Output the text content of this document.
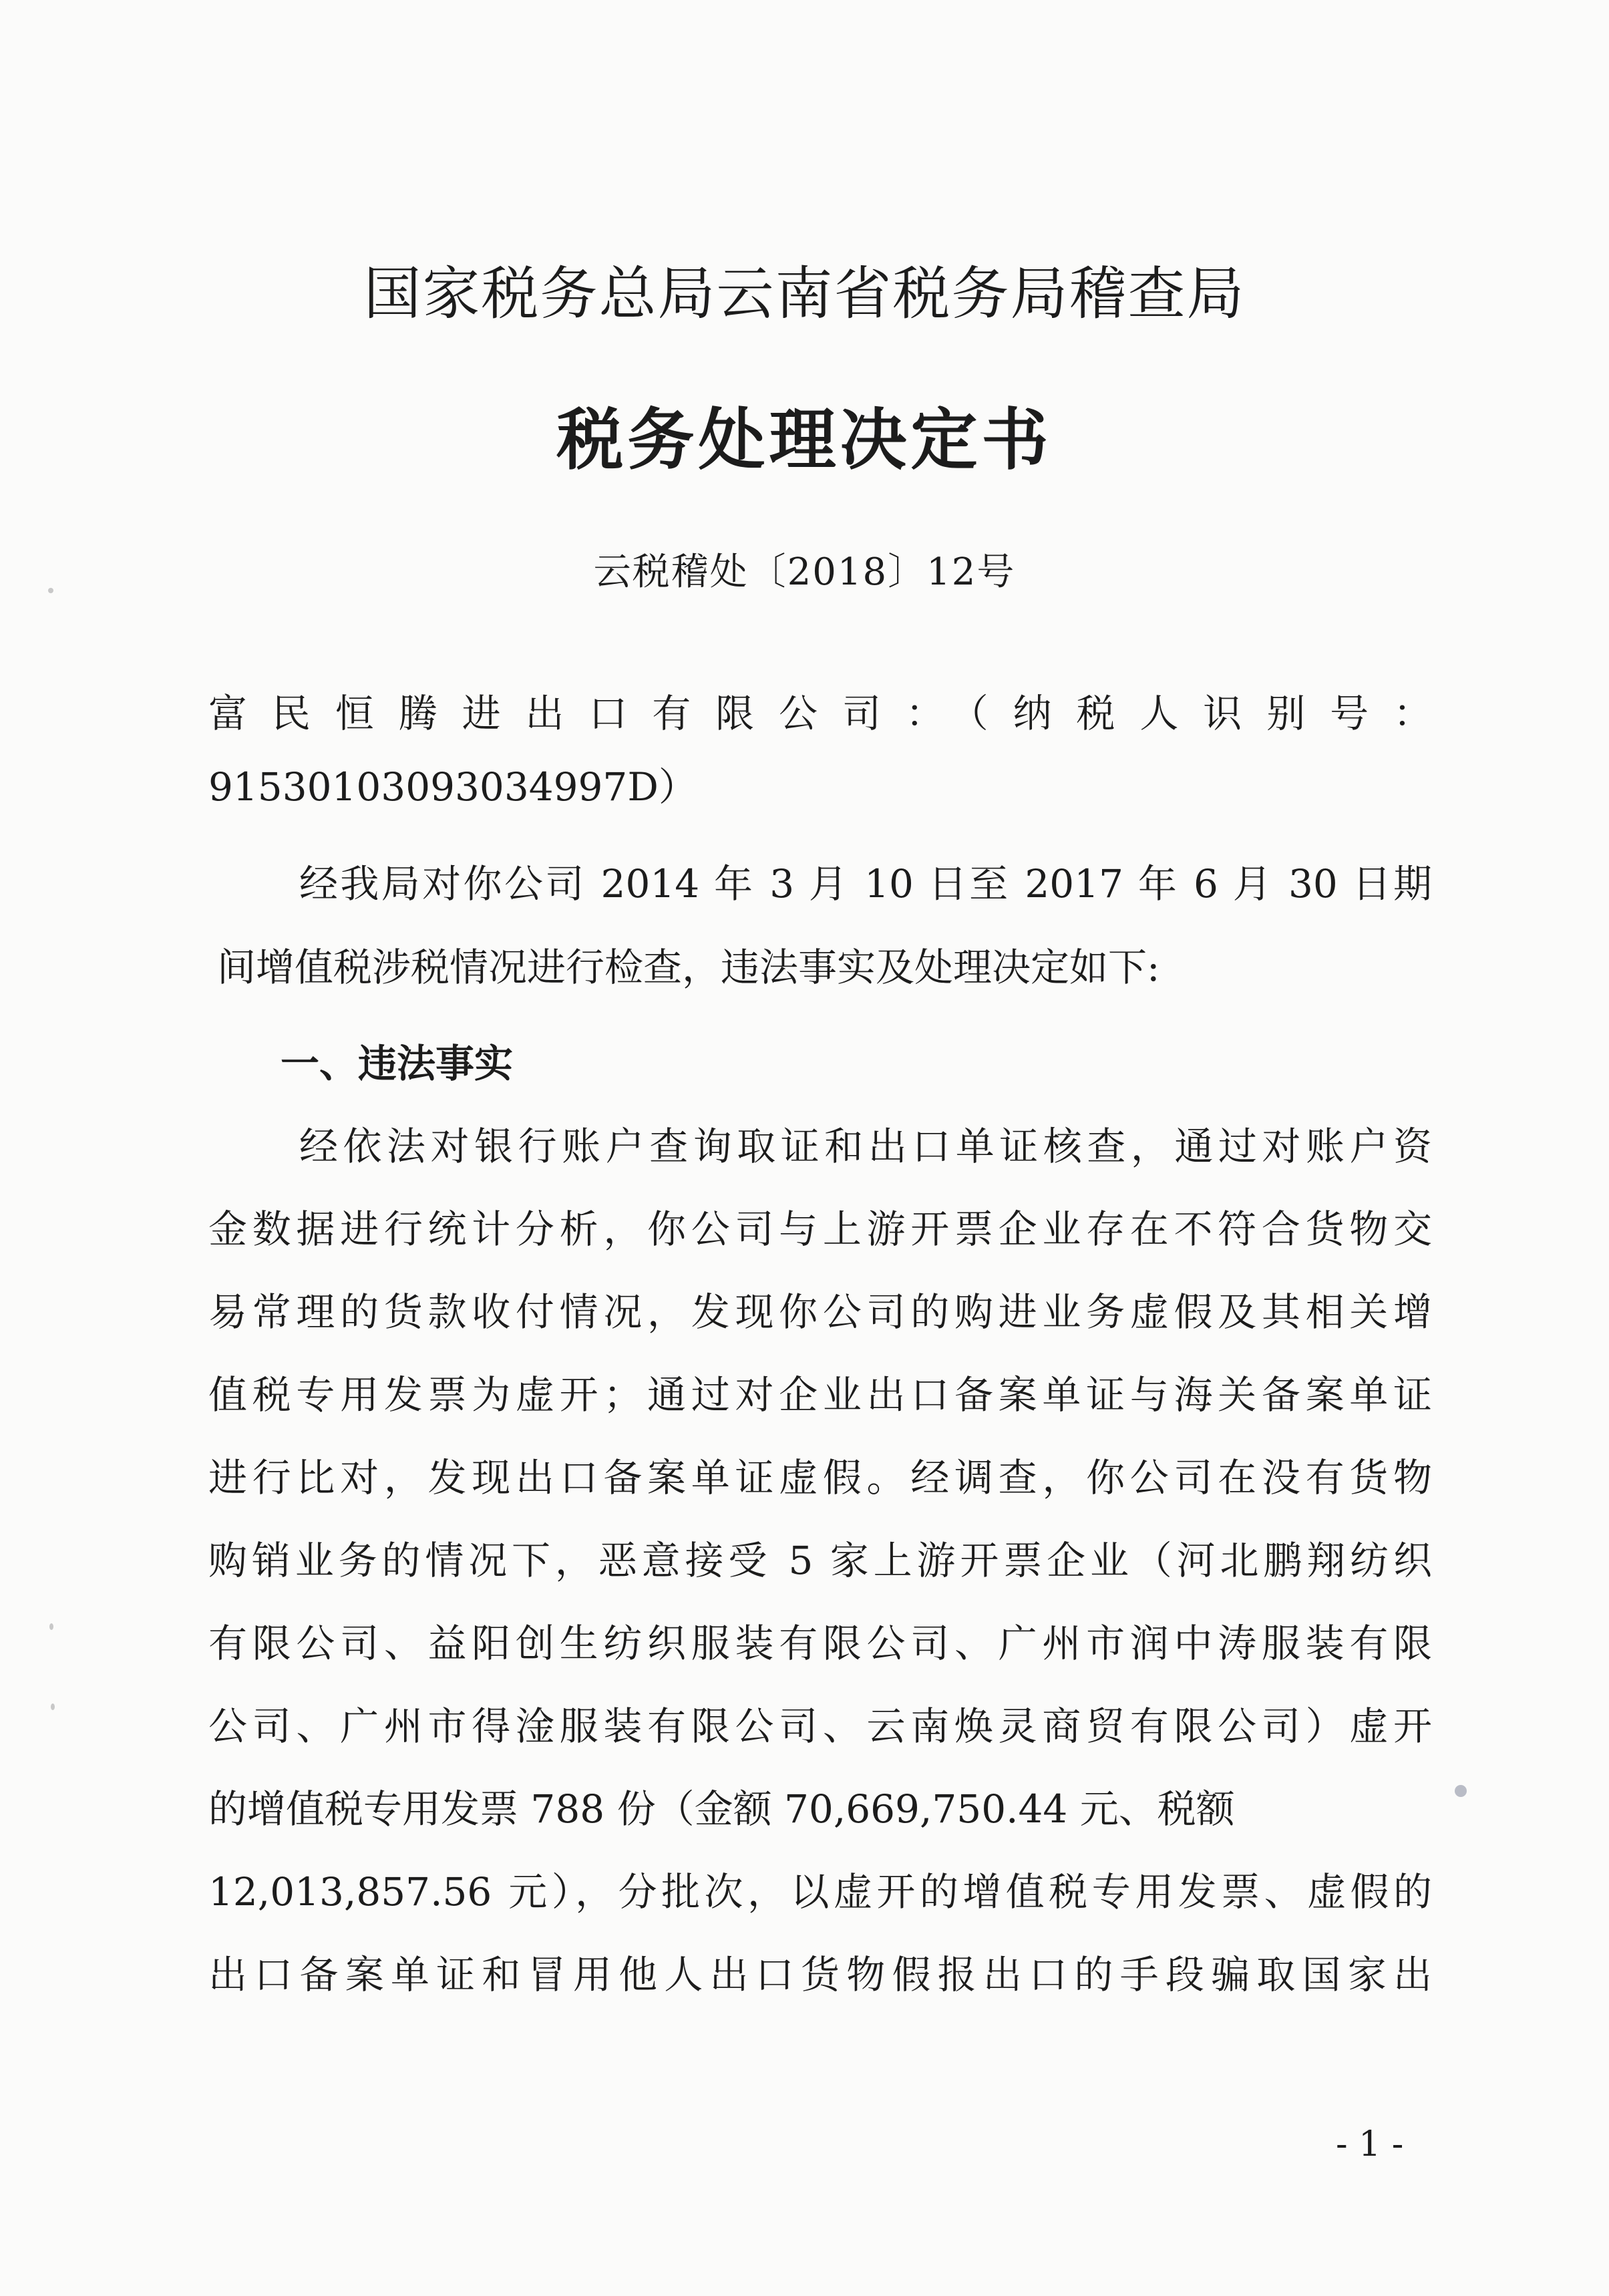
国家税务总局云南省税务局稽查局
税务处理决定书
云税稽处〔2018〕12号
富民恒腾进出口有限公司：（纳税人识别号：
91530103093034997D）
经我局对你公司 2014 年 3 月 10 日至 2017 年 6 月 30 日期
间增值税涉税情况进行检查，违法事实及处理决定如下:
一、违法事实
经依法对银行账户查询取证和出口单证核查，通过对账户资
金数据进行统计分析，你公司与上游开票企业存在不符合货物交
易常理的货款收付情况，发现你公司的购进业务虚假及其相关增
值税专用发票为虚开；通过对企业出口备案单证与海关备案单证
进行比对，发现出口备案单证虚假。经调查，你公司在没有货物
购销业务的情况下，恶意接受 5 家上游开票企业（河北鹏翔纺织
有限公司、益阳创生纺织服装有限公司、广州市润中涛服装有限
公司、广州市得淦服装有限公司、云南焕灵商贸有限公司）虚开
的增值税专用发票 788 份（金额 70,669,750.44 元、税额
12,013,857.56 元），分批次，以虚开的增值税专用发票、虚假的
出口备案单证和冒用他人出口货物假报出口的手段骗取国家出
- 1 -
